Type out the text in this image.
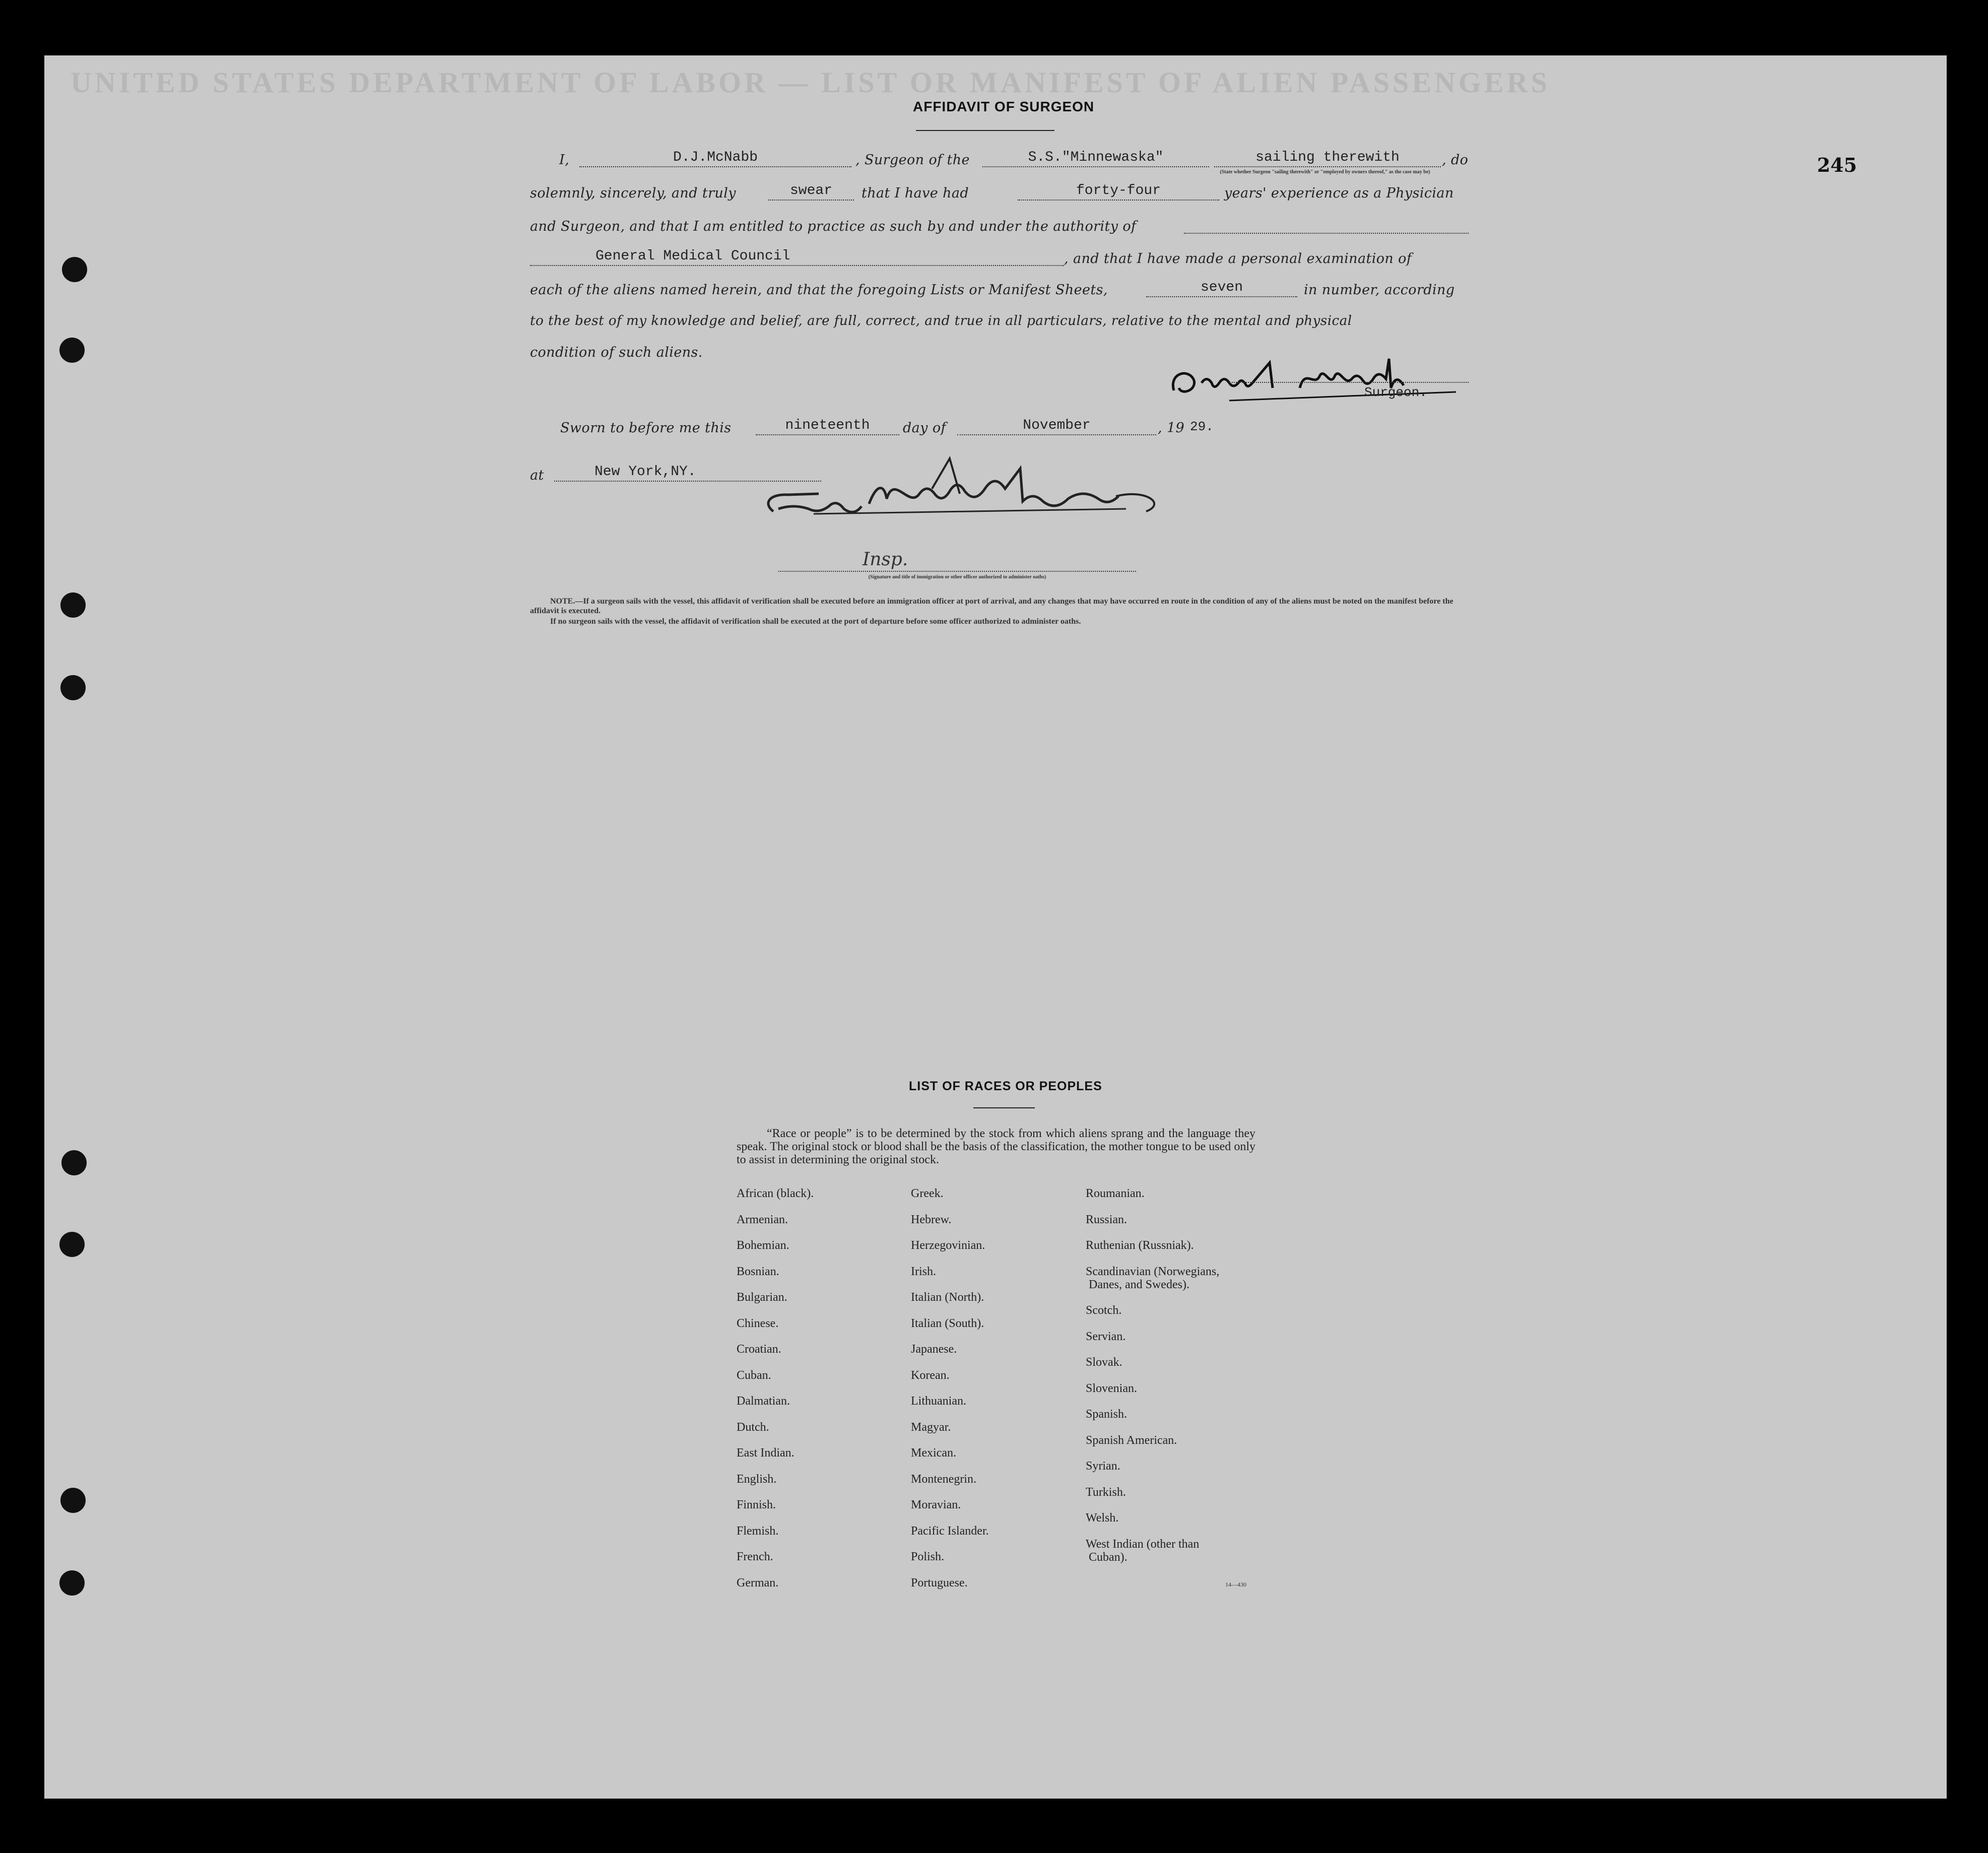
UNITED STATES DEPARTMENT OF LABOR — LIST OR MANIFEST OF ALIEN PASSENGERS
245
AFFIDAVIT OF SURGEON
I,	D.J.McNabb	, Surgeon of the	S.S."Minnewaska"	sailing therewith	, do
(State whether Surgeon "sailing therewith" or "employed by owners thereof," as the case may be)
solemnly, sincerely, and truly	swear	that I have had	forty-four	years' experience as a Physician
and Surgeon, and that I am entitled to practice as such by and under the authority of
General Medical Council	, and that I have made a personal examination of
each of the aliens named herein, and that the foregoing Lists or Manifest Sheets,	seven	in number, according
to the best of my knowledge and belief, are full, correct, and true in all particulars, relative to the mental and physical
condition of such aliens.
Surgeon.
Sworn to before me this	nineteenth	day of	November	, 19 29.
at	New York,NY.
Insp.
(Signature and title of immigration or other officer authorized to administer oaths)
NOTE.—If a surgeon sails with the vessel, this affidavit of verification shall be executed before an immigration officer at port of arrival, and any changes that may have occurred en route in the condition of any of the aliens must be noted on the manifest before the affidavit is executed.
If no surgeon sails with the vessel, the affidavit of verification shall be executed at the port of departure before some officer authorized to administer oaths.
LIST OF RACES OR PEOPLES
“Race or people” is to be determined by the stock from which aliens sprang and the language they speak. The original stock or blood shall be the basis of the classification, the mother tongue to be used only to assist in determining the original stock.
African (black).
Armenian.
Bohemian.
Bosnian.
Bulgarian.
Chinese.
Croatian.
Cuban.
Dalmatian.
Dutch.
East Indian.
English.
Finnish.
Flemish.
French.
German.
Greek.
Hebrew.
Herzegovinian.
Irish.
Italian (North).
Italian (South).
Japanese.
Korean.
Lithuanian.
Magyar.
Mexican.
Montenegrin.
Moravian.
Pacific Islander.
Polish.
Portuguese.
Roumanian.
Russian.
Ruthenian (Russniak).
Scandinavian (Norwegians,
Danes, and Swedes).
Scotch.
Servian.
Slovak.
Slovenian.
Spanish.
Spanish American.
Syrian.
Turkish.
Welsh.
West Indian (other than
Cuban).
14—430
